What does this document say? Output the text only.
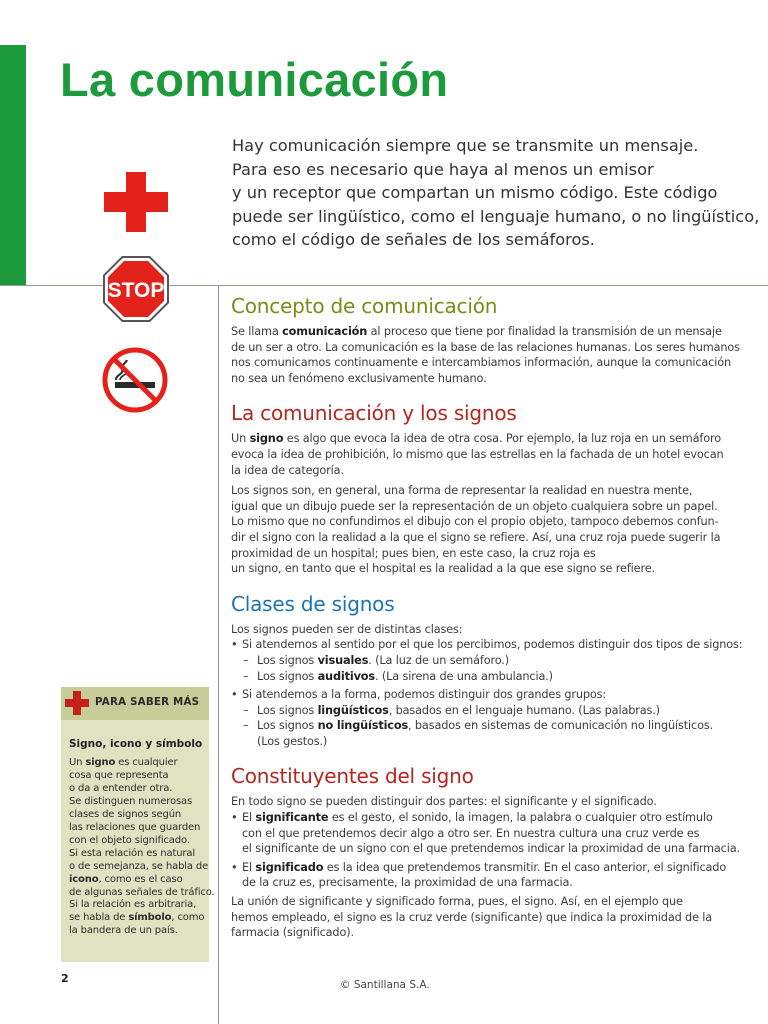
La comunicación
Hay comunicación siempre que se transmite un mensaje.
Para eso es necesario que haya al menos un emisor
y un receptor que compartan un mismo código. Este código
puede ser lingüístico, como el lenguaje humano, o no lingüístico,
como el código de señales de los semáforos.
STOP
Concepto de comunicación
Se llama comunicación al proceso que tiene por finalidad la transmisión de un mensaje
de un ser a otro. La comunicación es la base de las relaciones humanas. Los seres humanos
nos comunicamos continuamente e intercambiamos información, aunque la comunicación
no sea un fenómeno exclusivamente humano.
La comunicación y los signos
Un signo es algo que evoca la idea de otra cosa. Por ejemplo, la luz roja en un semáforo
evoca la idea de prohibición, lo mismo que las estrellas en la fachada de un hotel evocan
la idea de categoría.
Los signos son, en general, una forma de representar la realidad en nuestra mente,
igual que un dibujo puede ser la representación de un objeto cualquiera sobre un papel.
Lo mismo que no confundimos el dibujo con el propio objeto, tampoco debemos confun-
dir el signo con la realidad a la que el signo se refiere. Así, una cruz roja puede sugerir la
proximidad de un hospital; pues bien, en este caso, la cruz roja es
un signo, en tanto que el hospital es la realidad a la que ese signo se refiere.
Clases de signos
Los signos pueden ser de distintas clases:
• Si atendemos al sentido por el que los percibimos, podemos distinguir dos tipos de signos:
– Los signos visuales. (La luz de un semáforo.)
– Los signos auditivos. (La sirena de una ambulancia.)
• Si atendemos a la forma, podemos distinguir dos grandes grupos:
– Los signos lingüísticos, basados en el lenguaje humano. (Las palabras.)
– Los signos no lingüísticos, basados en sistemas de comunicación no lingüísticos.
(Los gestos.)
Constituyentes del signo
En todo signo se pueden distinguir dos partes: el significante y el significado.
• El significante es el gesto, el sonido, la imagen, la palabra o cualquier otro estímulo
con el que pretendemos decir algo a otro ser. En nuestra cultura una cruz verde es
el significante de un signo con el que pretendemos indicar la proximidad de una farmacia.
• El significado es la idea que pretendemos transmitir. En el caso anterior, el significado
de la cruz es, precisamente, la proximidad de una farmacia.
La unión de significante y significado forma, pues, el signo. Así, en el ejemplo que
hemos empleado, el signo es la cruz verde (significante) que indica la proximidad de la
farmacia (significado).
PARA SABER MÁS
Signo, icono y símbolo
Un signo es cualquier
cosa que representa
o da a entender otra.
Se distinguen numerosas
clases de signos según
las relaciones que guarden
con el objeto significado.
Si esta relación es natural
o de semejanza, se habla de
icono, como es el caso
de algunas señales de tráfico.
Si la relación es arbitraria,
se habla de símbolo, como
la bandera de un país.
2	© Santillana S.A.
